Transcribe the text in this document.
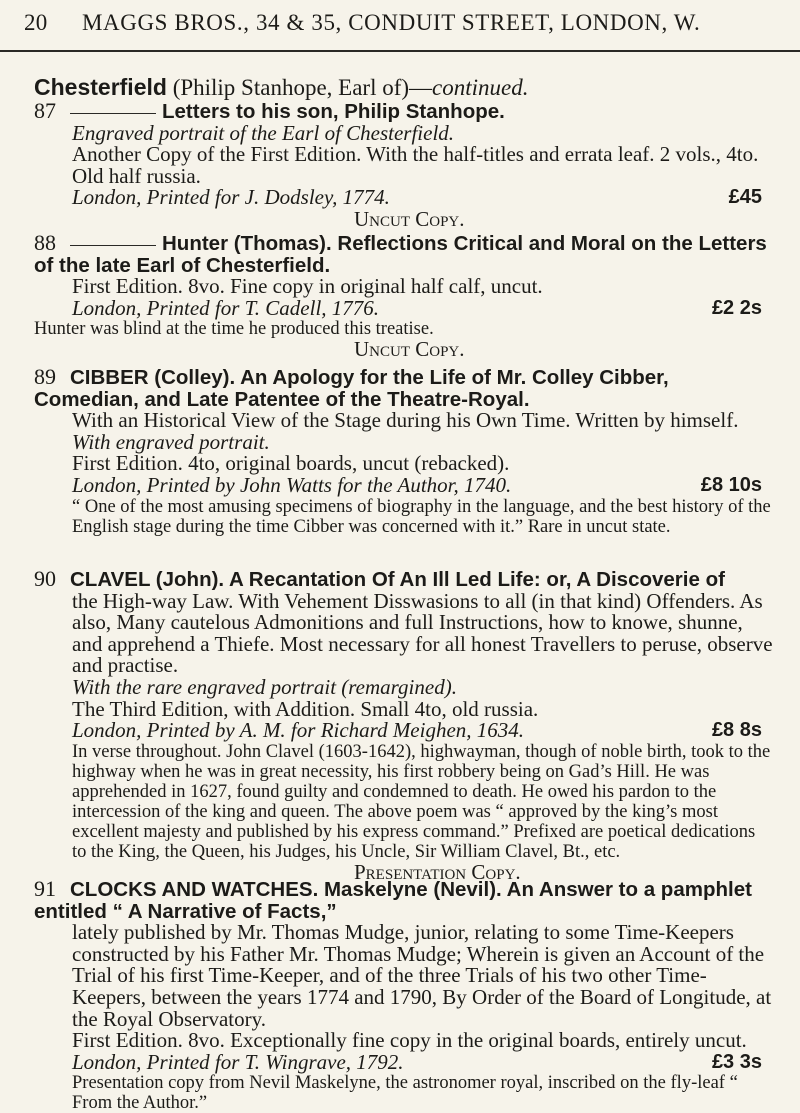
20	MAGGS BROS., 34 & 35, CONDUIT STREET, LONDON, W.
Chesterfield (Philip Stanhope, Earl of)—continued.

87	Letters to his son, Philip Stanhope.

Engraved portrait of the Earl of Chesterfield.

Another Copy of the First Edition. With the half-titles and errata leaf. 2 vols., 4to. Old half russia.

London, Printed for J. Dodsley, 1774.	£45

Uncut Copy.

88	Hunter (Thomas). Reflections Critical and Moral on the Letters of the late Earl of Chesterfield.

First Edition. 8vo. Fine copy in original half calf, uncut.

London, Printed for T. Cadell, 1776.	£2 2s

Hunter was blind at the time he produced this treatise.

Uncut Copy.

89 CIBBER (Colley). An Apology for the Life of Mr. Colley Cibber, Comedian, and Late Patentee of the Theatre-Royal.

With an Historical View of the Stage during his Own Time. Written by himself.

With engraved portrait.

First Edition. 4to, original boards, uncut (rebacked).

London, Printed by John Watts for the Author, 1740.	£8 10s

“ One of the most amusing specimens of biography in the language, and the best history of the English stage during the time Cibber was concerned with it.” Rare in uncut state.

90 CLAVEL (John). A Recantation Of An Ill Led Life: or, A Discoverie of

the High-way Law. With Vehement Disswasions to all (in that kind) Offenders. As also, Many cautelous Admonitions and full Instructions, how to knowe, shunne, and apprehend a Thiefe. Most necessary for all honest Travellers to peruse, observe and practise.

With the rare engraved portrait (remargined).

The Third Edition, with Addition. Small 4to, old russia.

London, Printed by A. M. for Richard Meighen, 1634.	£8 8s

In verse throughout. John Clavel (1603-1642), highwayman, though of noble birth, took to the highway when he was in great necessity, his first robbery being on Gad’s Hill. He was apprehended in 1627, found guilty and condemned to death. He owed his pardon to the intercession of the king and queen. The above poem was “ approved by the king’s most excellent majesty and published by his express command.” Prefixed are poetical dedications to the King, the Queen, his Judges, his Uncle, Sir William Clavel, Bt., etc.

Presentation Copy.

91 CLOCKS AND WATCHES. Maskelyne (Nevil). An Answer to a pamphlet entitled “ A Narrative of Facts,”

lately published by Mr. Thomas Mudge, junior, relating to some Time-Keepers constructed by his Father Mr. Thomas Mudge; Wherein is given an Account of the Trial of his first Time-Keeper, and of the three Trials of his two other Time-Keepers, between the years 1774 and 1790, By Order of the Board of Longitude, at the Royal Observatory.

First Edition. 8vo. Exceptionally fine copy in the original boards, entirely uncut.

London, Printed for T. Wingrave, 1792.	£3 3s

Presentation copy from Nevil Maskelyne, the astronomer royal, inscribed on the fly-leaf “ From the Author.”
